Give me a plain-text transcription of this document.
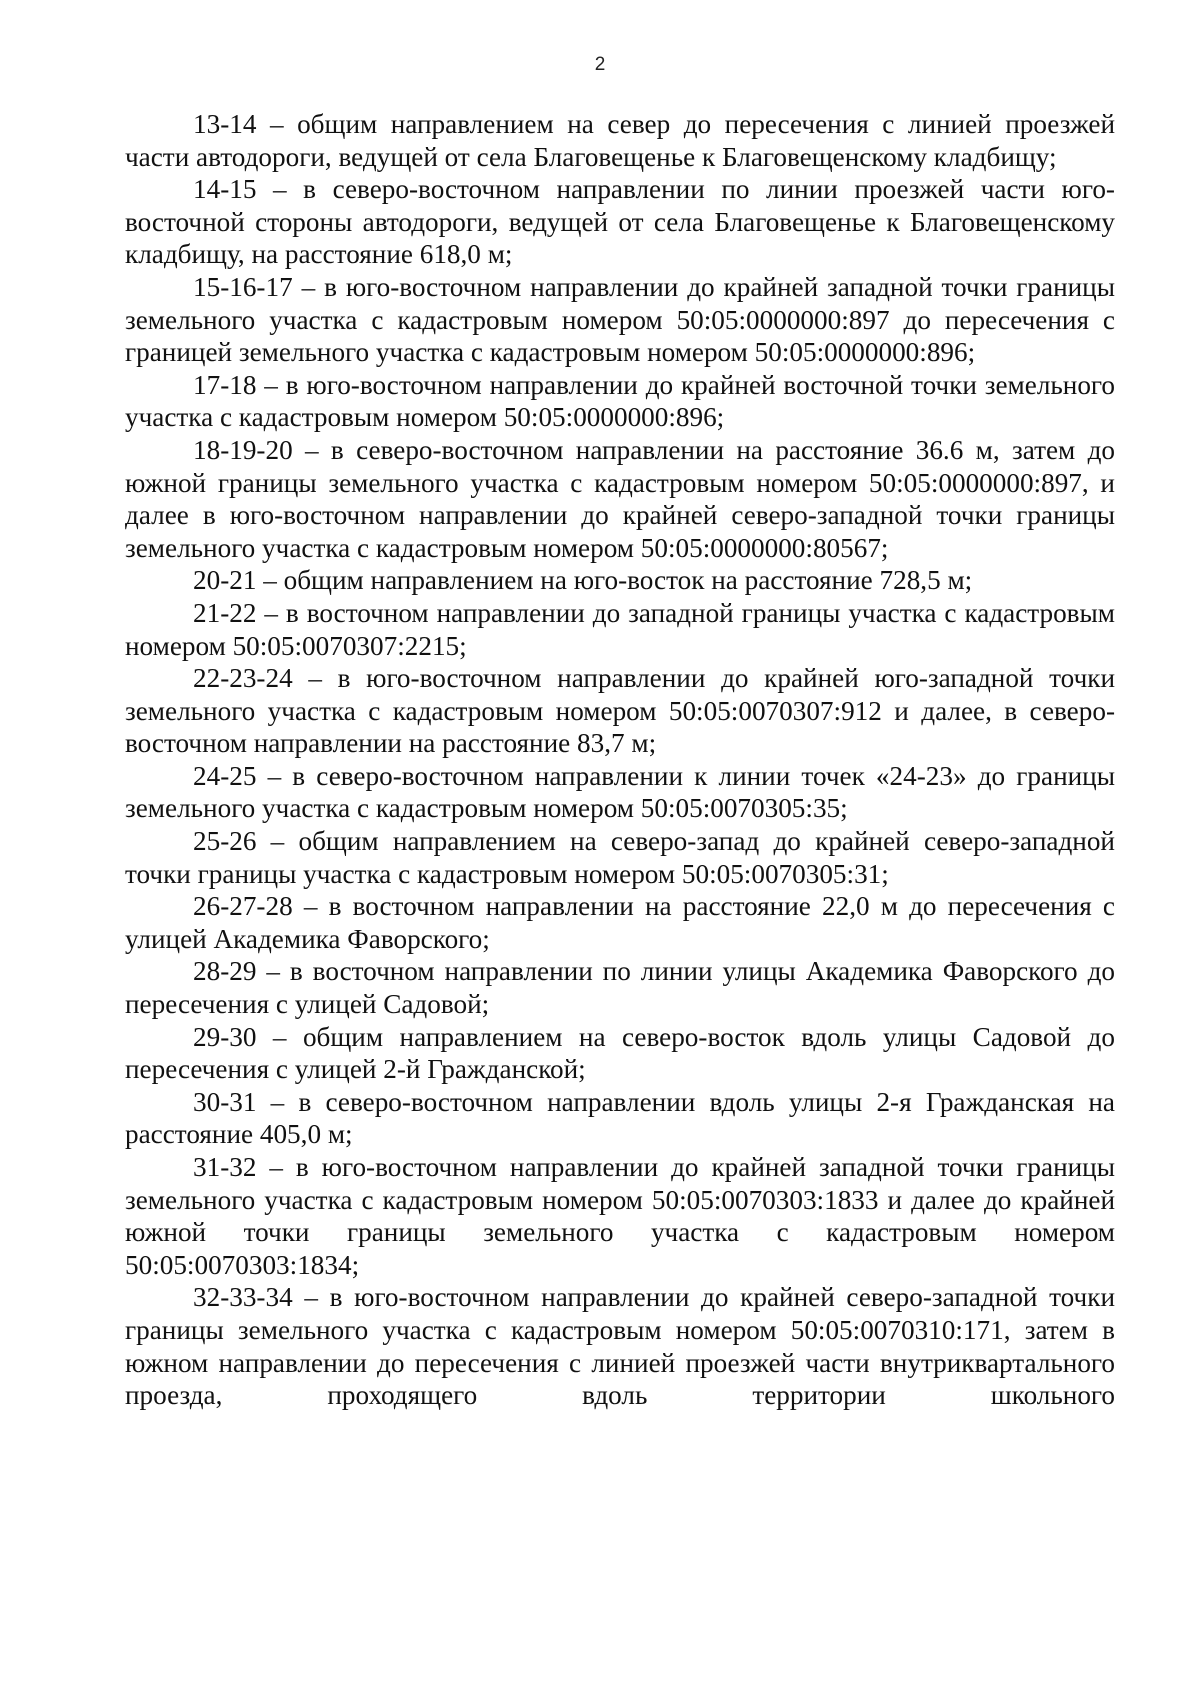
2

13-14 – общим направлением на север до пересечения с линией проезжей части автодороги, ведущей от села Благовещенье к Благовещенскому кладбищу;

14-15 – в северо-восточном направлении по линии проезжей части юго-восточной стороны автодороги, ведущей от села Благовещенье к Благовещенскому кладбищу, на расстояние 618,0 м;

15-16-17 – в юго-восточном направлении до крайней западной точки границы земельного участка с кадастровым номером 50:05:0000000:897 до пересечения с границей земельного участка с кадастровым номером 50:05:0000000:896;

17-18 – в юго-восточном направлении до крайней восточной точки земельного участка с кадастровым номером 50:05:0000000:896;

18-19-20 – в северо-восточном направлении на расстояние 36.6 м, затем до южной границы земельного участка с кадастровым номером 50:05:0000000:897, и далее в юго-восточном направлении до крайней северо-западной точки границы земельного участка с кадастровым номером 50:05:0000000:80567;

20-21 – общим направлением на юго-восток на расстояние 728,5 м;

21-22 – в восточном направлении до западной границы участка с кадастровым номером 50:05:0070307:2215;

22-23-24 – в юго-восточном направлении до крайней юго-западной точки земельного участка с кадастровым номером 50:05:0070307:912 и далее, в северо-восточном направлении на расстояние 83,7 м;

24-25 – в северо-восточном направлении к линии точек «24-23» до границы земельного участка с кадастровым номером 50:05:0070305:35;

25-26 – общим направлением на северо-запад до крайней северо-западной точки границы участка с кадастровым номером 50:05:0070305:31;

26-27-28 – в восточном направлении на расстояние 22,0 м до пересечения с улицей Академика Фаворского;

28-29 – в восточном направлении по линии улицы Академика Фаворского до пересечения с улицей Садовой;

29-30 – общим направлением на северо-восток вдоль улицы Садовой до пересечения с улицей 2-й Гражданской;

30-31 – в северо-восточном направлении вдоль улицы 2-я Гражданская на расстояние 405,0 м;

31-32 – в юго-восточном направлении до крайней западной точки границы земельного участка с кадастровым номером 50:05:0070303:1833 и далее до крайней южной точки границы земельного участка с кадастровым номером 50:05:0070303:1834;

32-33-34 – в юго-восточном направлении до крайней северо-западной точки границы земельного участка с кадастровым номером 50:05:0070310:171, затем в южном направлении до пересечения с линией проезжей части внутриквартального проезда, проходящего вдоль территории школьного
